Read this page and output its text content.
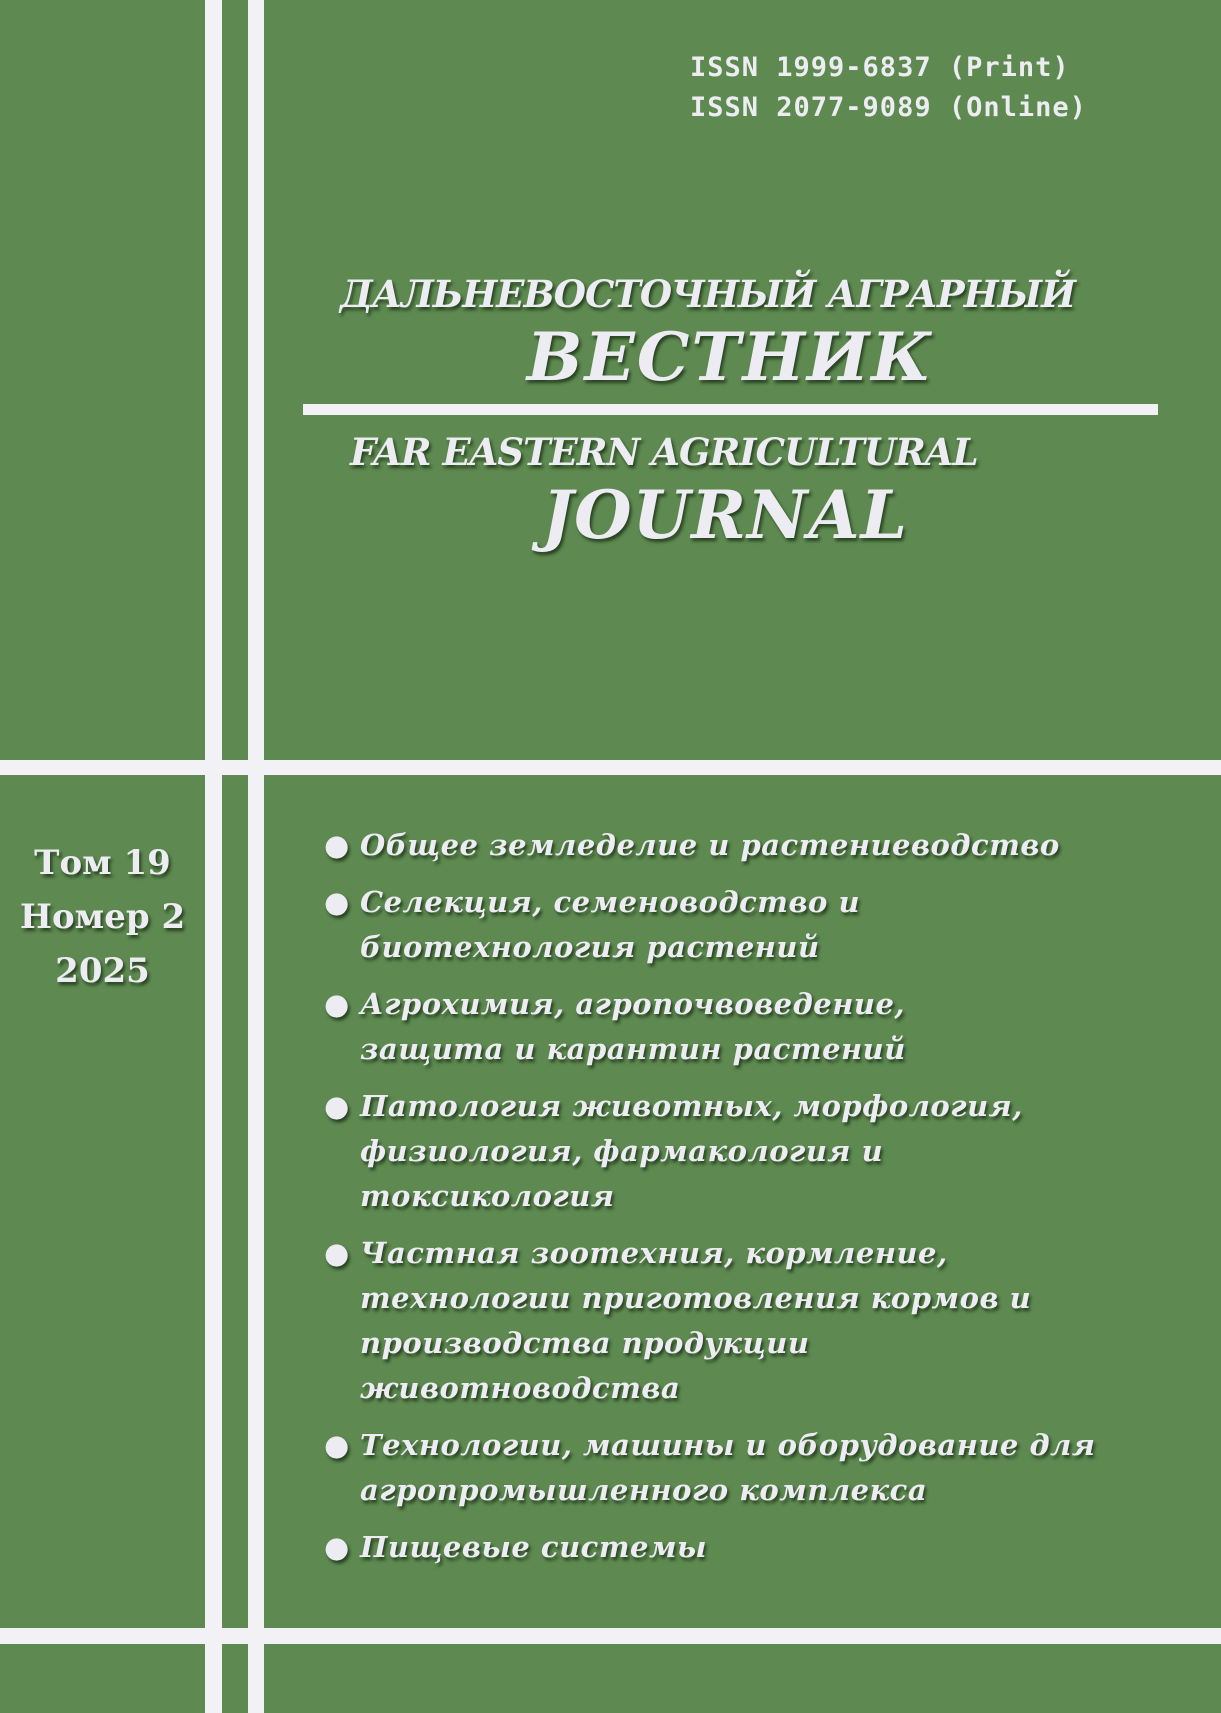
ISSN 1999-6837 (Print)
ISSN 2077-9089 (Online)
ДАЛЬНЕВОСТОЧНЫЙ АГРАРНЫЙ
ВЕСТНИК
FAR EASTERN AGRICULTURAL
JOURNAL
Том 19
Номер 2
2025
● Общее земледелие и растениеводство
● Селекция, семеноводство и биотехнология растений
● Агрохимия, агропочвоведение, защита и карантин растений
● Патология животных, морфология, физиология, фармакология и токсикология
● Частная зоотехния, кормление, технологии приготовления кормов и производства продукции животноводства
● Технологии, машины и оборудование для агропромышленного комплекса
● Пищевые системы
